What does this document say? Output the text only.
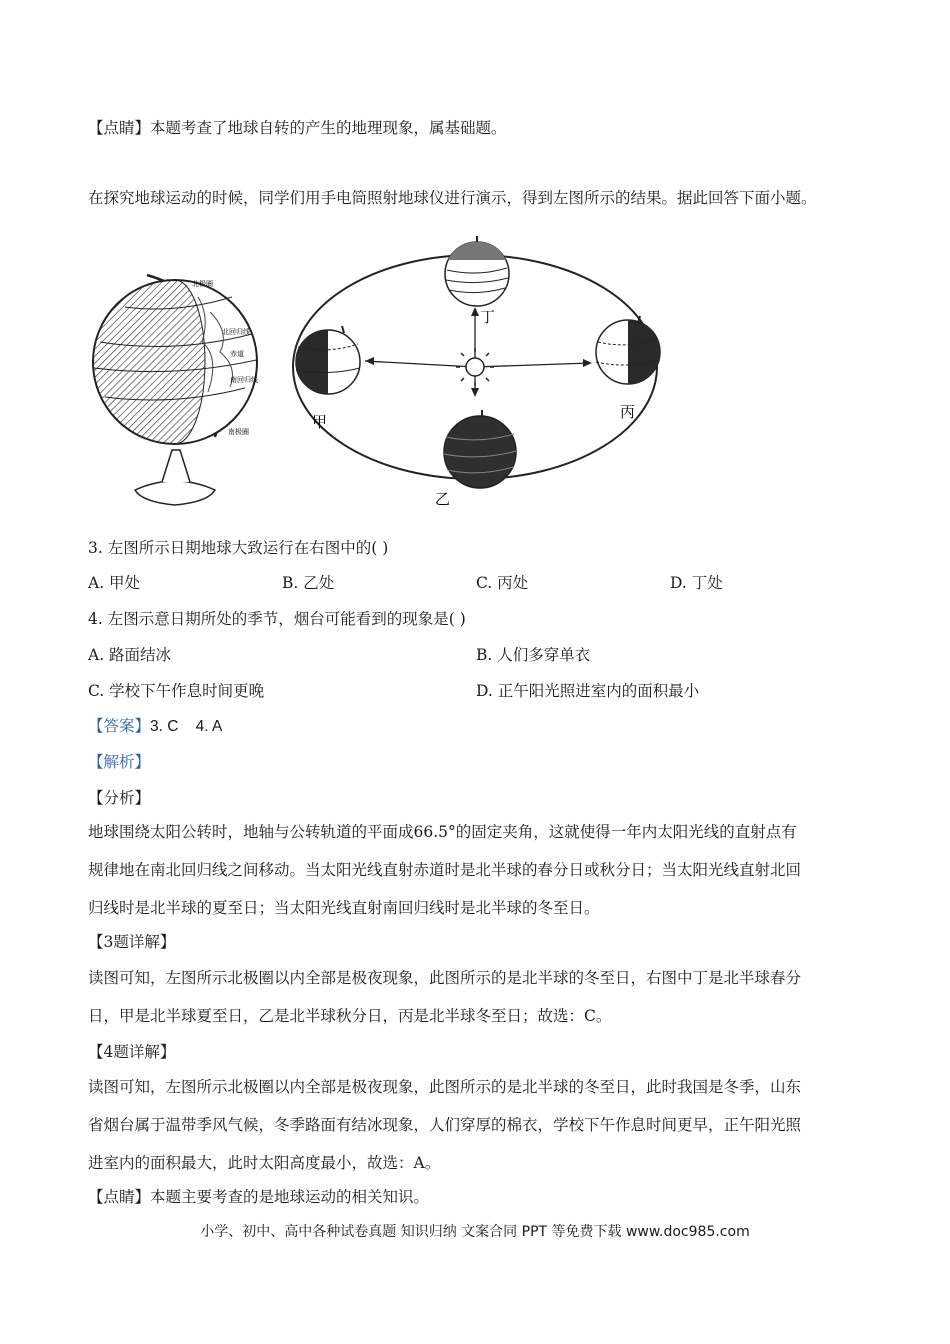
【点睛】本题考查了地球自转的产生的地理现象，属基础题。
在探究地球运动的时候，同学们用手电筒照射地球仪进行演示，得到左图所示的结果。据此回答下面小题。
北极圈
北回归线
赤道
南回归线
南极圈
丁
甲
丙
乙
3. 左图所示日期地球大致运行在右图中的( )
A. 甲处	B. 乙处	C. 丙处	D. 丁处
4. 左图示意日期所处的季节，烟台可能看到的现象是( )
A. 路面结冰	B. 人们多穿单衣
C. 学校下午作息时间更晚	D. 正午阳光照进室内的面积最小
【答案】3. C    4. A
【解析】
【分析】
地球围绕太阳公转时，地轴与公转轨道的平面成66.5°的固定夹角，这就使得一年内太阳光线的直射点有
规律地在南北回归线之间移动。当太阳光线直射赤道时是北半球的春分日或秋分日；当太阳光线直射北回
归线时是北半球的夏至日；当太阳光线直射南回归线时是北半球的冬至日。
【3题详解】
读图可知，左图所示北极圈以内全部是极夜现象，此图所示的是北半球的冬至日，右图中丁是北半球春分
日，甲是北半球夏至日，乙是北半球秋分日，丙是北半球冬至日；故选：C。
【4题详解】
读图可知，左图所示北极圈以内全部是极夜现象，此图所示的是北半球的冬至日，此时我国是冬季，山东
省烟台属于温带季风气候，冬季路面有结冰现象，人们穿厚的棉衣，学校下午作息时间更早，正午阳光照
进室内的面积最大，此时太阳高度最小，故选：A。
【点睛】本题主要考查的是地球运动的相关知识。
小学、初中、高中各种试卷真题 知识归纳 文案合同 PPT 等免费下载 www.doc985.com
